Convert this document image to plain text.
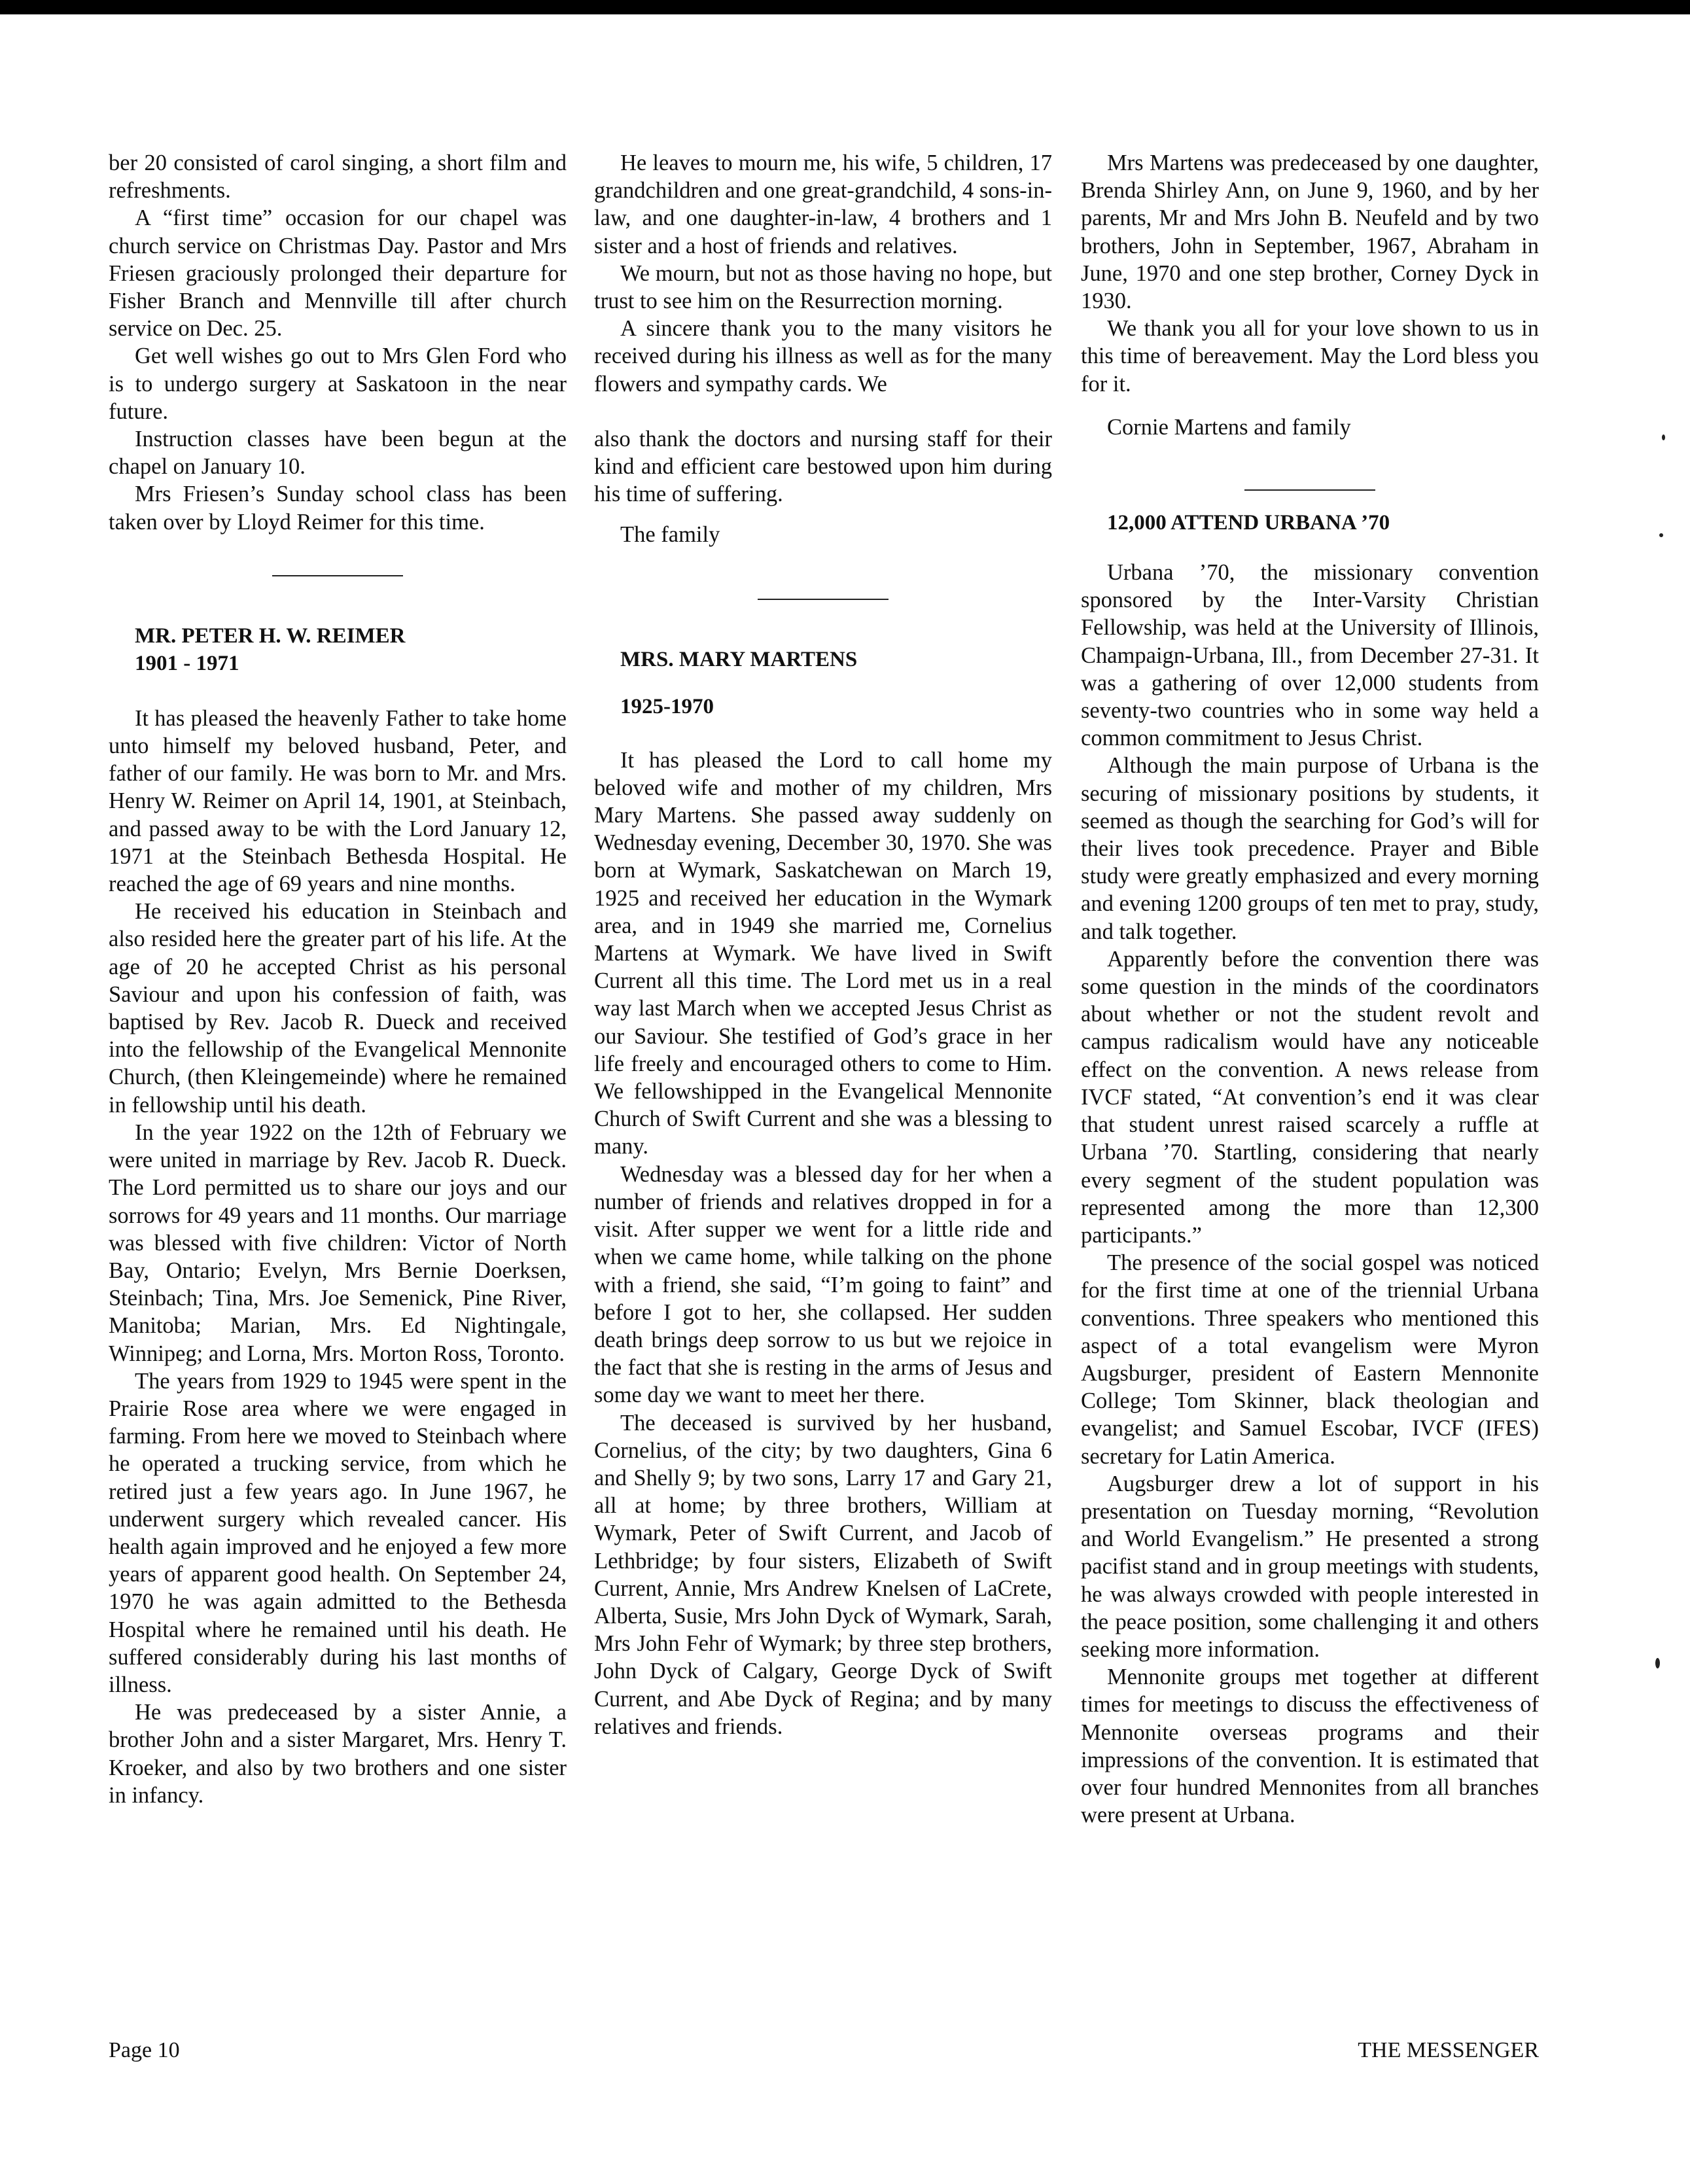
ber 20 consisted of carol singing, a short film and refreshments.

A “first time” occasion for our chapel was church service on Christmas Day. Pastor and Mrs Friesen graciously prolonged their departure for Fisher Branch and Mennville till after church service on Dec. 25.

Get well wishes go out to Mrs Glen Ford who is to undergo surgery at Saskatoon in the near future.

Instruction classes have been begun at the chapel on January 10.

Mrs Friesen’s Sunday school class has been taken over by Lloyd Reimer for this time.

MR. PETER H. W. REIMER

1901 - 1971

It has pleased the heavenly Father to take home unto himself my beloved husband, Peter, and father of our family. He was born to Mr. and Mrs. Henry W. Reimer on April 14, 1901, at Steinbach, and passed away to be with the Lord January 12, 1971 at the Steinbach Bethesda Hospital. He reached the age of 69 years and nine months.

He received his education in Steinbach and also resided here the greater part of his life. At the age of 20 he accepted Christ as his personal Saviour and upon his confession of faith, was baptised by Rev. Jacob R. Dueck and received into the fellowship of the Evangelical Mennonite Church, (then Kleingemeinde) where he remained in fellowship until his death.

In the year 1922 on the 12th of February we were united in marriage by Rev. Jacob R. Dueck. The Lord permitted us to share our joys and our sorrows for 49 years and 11 months. Our marriage was blessed with five children: Victor of North Bay, Ontario; Evelyn, Mrs Bernie Doerksen, Steinbach; Tina, Mrs. Joe Semenick, Pine River, Manitoba; Marian, Mrs. Ed Nightingale, Winnipeg; and Lorna, Mrs. Morton Ross, Toronto.

The years from 1929 to 1945 were spent in the Prairie Rose area where we were engaged in farming. From here we moved to Steinbach where he operated a trucking service, from which he retired just a few years ago. In June 1967, he underwent surgery which revealed cancer. His health again improved and he enjoyed a few more years of apparent good health. On September 24, 1970 he was again admitted to the Bethesda Hospital where he remained until his death. He suffered considerably during his last months of illness.

He was predeceased by a sister Annie, a brother John and a sister Margaret, Mrs. Henry T. Kroeker, and also by two brothers and one sister in infancy.

He leaves to mourn me, his wife, 5 children, 17 grandchildren and one great-grandchild, 4 sons-in-law, and one daughter-in-law, 4 brothers and 1 sister and a host of friends and relatives.

We mourn, but not as those having no hope, but trust to see him on the Resurrection morning.

A sincere thank you to the many visitors he received during his illness as well as for the many flowers and sympathy cards. We

also thank the doctors and nursing staff for their kind and efficient care bestowed upon him during his time of suffering.

The family

MRS. MARY MARTENS

1925-1970

It has pleased the Lord to call home my beloved wife and mother of my children, Mrs Mary Martens. She passed away suddenly on Wednesday evening, December 30, 1970. She was born at Wymark, Saskatchewan on March 19, 1925 and received her education in the Wymark area, and in 1949 she married me, Cornelius Martens at Wymark. We have lived in Swift Current all this time. The Lord met us in a real way last March when we accepted Jesus Christ as our Saviour. She testified of God’s grace in her life freely and encouraged others to come to Him. We fellowshipped in the Evangelical Mennonite Church of Swift Current and she was a blessing to many.

Wednesday was a blessed day for her when a number of friends and relatives dropped in for a visit. After supper we went for a little ride and when we came home, while talking on the phone with a friend, she said, “I’m going to faint” and before I got to her, she collapsed. Her sudden death brings deep sorrow to us but we rejoice in the fact that she is resting in the arms of Jesus and some day we want to meet her there.

The deceased is survived by her husband, Cornelius, of the city; by two daughters, Gina 6 and Shelly 9; by two sons, Larry 17 and Gary 21, all at home; by three brothers, William at Wymark, Peter of Swift Current, and Jacob of Lethbridge; by four sisters, Elizabeth of Swift Current, Annie, Mrs Andrew Knelsen of LaCrete, Alberta, Susie, Mrs John Dyck of Wymark, Sarah, Mrs John Fehr of Wymark; by three step brothers, John Dyck of Calgary, George Dyck of Swift Current, and Abe Dyck of Regina; and by many relatives and friends.

Mrs Martens was predeceased by one daughter, Brenda Shirley Ann, on June 9, 1960, and by her parents, Mr and Mrs John B. Neufeld and by two brothers, John in September, 1967, Abraham in June, 1970 and one step brother, Corney Dyck in 1930.

We thank you all for your love shown to us in this time of bereavement. May the Lord bless you for it.

Cornie Martens and family

12,000 ATTEND URBANA ’70

Urbana ’70, the missionary convention sponsored by the Inter-Varsity Christian Fellowship, was held at the University of Illinois, Champaign-Urbana, Ill., from December 27-31. It was a gathering of over 12,000 students from seventy-two countries who in some way held a common commitment to Jesus Christ.

Although the main purpose of Urbana is the securing of missionary positions by students, it seemed as though the searching for God’s will for their lives took precedence. Prayer and Bible study were greatly emphasized and every morning and evening 1200 groups of ten met to pray, study, and talk together.

Apparently before the convention there was some question in the minds of the coordinators about whether or not the student revolt and campus radicalism would have any noticeable effect on the convention. A news release from IVCF stated, “At convention’s end it was clear that student unrest raised scarcely a ruffle at Urbana ’70. Startling, considering that nearly every segment of the student population was represented among the more than 12,300 participants.”

The presence of the social gospel was noticed for the first time at one of the triennial Urbana conventions. Three speakers who mentioned this aspect of a total evangelism were Myron Augsburger, president of Eastern Mennonite College; Tom Skinner, black theologian and evangelist; and Samuel Escobar, IVCF (IFES) secretary for Latin America.

Augsburger drew a lot of support in his presentation on Tuesday morning, “Revolution and World Evangelism.” He presented a strong pacifist stand and in group meetings with students, he was always crowded with people interested in the peace position, some challenging it and others seeking more information.

Mennonite groups met together at different times for meetings to discuss the effectiveness of Mennonite overseas programs and their impressions of the convention. It is estimated that over four hundred Mennonites from all branches were present at Urbana.

Page 10	THE MESSENGER
